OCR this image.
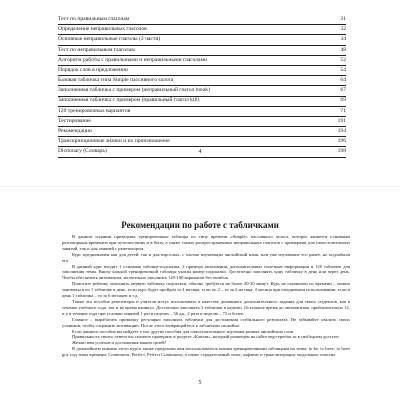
Тест по правильным глаголам	31
Определение неправильных глаголов	32
Основные неправильные глаголы (2 части)	34
Тест по неправильным глаголам	48
Алгоритм работы с правильными и неправильными глаголами	52
Порядок слов в предложении	54
Базовая табличка типа Simple пассивного залога	64
Заполненная табличка с примером (неправильный глагол break)	67
Заполненная табличка с примером (правильный глагол kill)	69
120 тренировочных вариантов	71
Тестирование	191
Рекомендации	194
Транскрипционные значки и их произношение	196
Dictionary (Словарь)	198
4
Рекомендации по работе с табличками

В данном издании приведены тренировочные таблицы по типу времени «Simple» пассивного залога, которое является основным разговорным временем при путешествиях и в быту, а также самых распространенных неправильных глаголов с примерами для самостоятельных занятий, так и для занятий с репетитором.

Курс предназначен как для детей, так и для взрослых, с охотно изучающих английский язык, или уже изучавших его ранее, но подзабыли его.

В данный курс входит 1 основная таблица-подсказка, 2 примера заполнения, дополнительные полезные информации и 120 табличек для заполнения темы. Внизу каждой тренировочной таблицы указан номер подсказки. Достаточно заполнять одну табличку в день или через день. Чтобы обеспечить автоматизм, желательно заполнить 120-140 вариантов без ошибок.

Помогите ребенку заполнить первую табличку подсказки, обычно требуется не более 20-30 минут. Курс не ограничен по времени – можно заниматься по 1 табличке в день, если курс будет пройден за 4 месяца, если по 2 – то за 2 месяца. 4 месяца при ежедневном использовании, если в день 1 табличка – то за 6 месяцев и т.д.

Также это пособие репетиторы и учителя могут использовать в качестве домашнего дополнительного задания для своих студентов, как в течение учебного года, так и во время каникул. Достаточно заполнять 3 таблички в неделю. Остальное время до автоматизма, приблизительно 12, и у в течение года при условии занятий 1 раз в неделю – 36 дн., 2 раза в неделю – 72 и более.

Главное – выработать привычку регулярно заполнять таблички для достижения стабильного результата. Не забывайте хвалить своих учеников, чтобы сохранить мотивацию. После этого возвращайтесь к табличкам спокойно.

Если данного пособия вы найдете у нас другие пособия для самостоятельного изучения разных английских слов.

Правильность своего ответа вы сможете проверить в разделе «Ключи», который размещён на сайте eng-repetitor.ru в свободном доступе.

Желаю вам успехов и достижения ваших целей!

В дальнейшем помимо этого курса также предлагаю вам воспользоваться моими тренировочными таблицами на темы: to be, to have, to have got, под типы времени: Continuous, Perfect, Perfect Continuous, а также страдательный залог, алфавит и транслитерация, модальные глаголы

5
